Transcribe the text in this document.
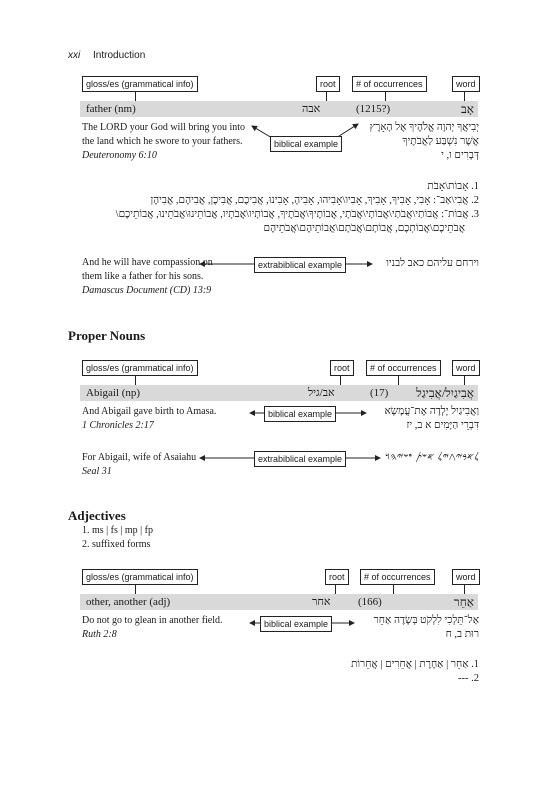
xxi Introduction
gloss/es (grammatical info)	root	# of occurrences	word
father (nm)	אבה	(1215?)	אָב
The LORD your God will bring you into
the land which he swore to your fathers.
Deuteronomy 6:10
יְבִיאֲךָ יְהוָה אֱלֹהֶיךָ אֶל הָאָרֶץ
אֲשֶׁר נִשְׁבַּע לַאֲבֹתֶיךָ
דְּבָרִים ו, י
biblical example
1. אָבוֹת\אָבֹת
2. אֲבִי\אַב־: אָבִי, אָבִיךָ, אָבִיךְ, אָבִיו\אָבִיהוּ, אָבִיהָ, אָבִינוּ, אֲבִיכֶם, אֲבִיכֶן, אֲבִיהֶם, אֲבִיהֶן
3. אֲבוֹת־: אֲבוֹתַי\אֲבֹתַי\אֲבוֹתָי\אֲבֹתָי, אֲבוֹתֶיךָ\אֲבֹתֶיךָ, אֲבוֹתָיו\אֲבֹתָיו, אֲבוֹתֵינוּ\אֲבֹתֵינוּ, אֲבוֹתֵיכֶם\
אֲבֹתֵיכֶם\אֲבוֹתְכֶם, אֲבוֹתָם\אֲבֹתָם\אֲבוֹתֵיהֶם\אֲבֹתֵיהֶם
And he will have compassion on
them like a father for his sons.
Damascus Document (CD) 13:9
extrabiblical example	וירחם עליהם כאב לבניו
Proper Nouns
gloss/es (grammatical info)	root	# of occurrences	word
Abigail (np)	אב/גיל	(17) אֲבִיגַיִל/אֲבִיגַל
And Abigail gave birth to Amasa.
1 Chronicles 2:17
biblical example	וַאֲבִיגַיִל יָלְדָה אֶת־עֲמָשָׂא
דִּבְרֵי הַיָּמִים א ב, יז
For Abigail, wife of Asaiahu
Seal 31
extrabiblical example	𐤋𐤀𐤁𐤉𐤂𐤉𐤋 𐤀𐤔𐤕 𐤏𐤔𐤉𐤄𐤅
Adjectives
1. ms | fs | mp | fp
2. suffixed forms
gloss/es (grammatical info)	root	# of occurrences	word
other, another (adj)	אחר (166)	אַחֵר
Do not go to glean in another field.
Ruth 2:8
biblical example	אַל־תֵּלְכִי לִלְקֹט בְּשָׂדֶה אַחֵר
רוּת ב, ח
1. אַחֵר | אַחֶרֶת | אֲחֵרִים | אֲחֵרוֹת
2. ---
